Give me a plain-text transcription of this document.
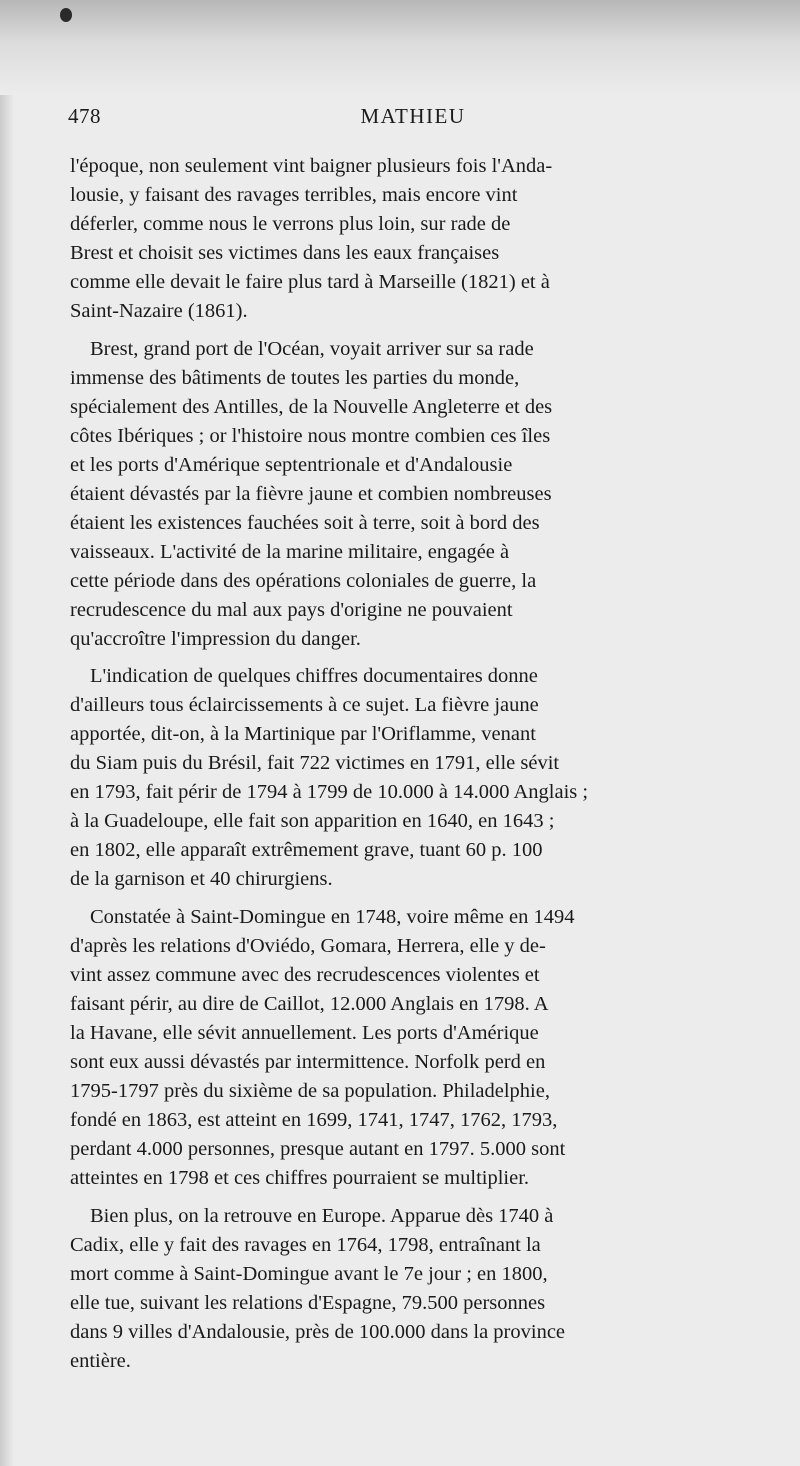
478	MATHIEU

l'époque, non seulement vint baigner plusieurs fois l'Anda-
lousie, y faisant des ravages terribles, mais encore vint
déferler, comme nous le verrons plus loin, sur rade de
Brest et choisit ses victimes dans les eaux françaises
comme elle devait le faire plus tard à Marseille (1821) et à
Saint-Nazaire (1861).

Brest, grand port de l'Océan, voyait arriver sur sa rade
immense des bâtiments de toutes les parties du monde,
spécialement des Antilles, de la Nouvelle Angleterre et des
côtes Ibériques ; or l'histoire nous montre combien ces îles
et les ports d'Amérique septentrionale et d'Andalousie
étaient dévastés par la fièvre jaune et combien nombreuses
étaient les existences fauchées soit à terre, soit à bord des
vaisseaux. L'activité de la marine militaire, engagée à
cette période dans des opérations coloniales de guerre, la
recrudescence du mal aux pays d'origine ne pouvaient
qu'accroître l'impression du danger.

L'indication de quelques chiffres documentaires donne
d'ailleurs tous éclaircissements à ce sujet. La fièvre jaune
apportée, dit-on, à la Martinique par l'Oriflamme, venant
du Siam puis du Brésil, fait 722 victimes en 1791, elle sévit
en 1793, fait périr de 1794 à 1799 de 10.000 à 14.000 Anglais ;
à la Guadeloupe, elle fait son apparition en 1640, en 1643 ;
en 1802, elle apparaît extrêmement grave, tuant 60 p. 100
de la garnison et 40 chirurgiens.

Constatée à Saint-Domingue en 1748, voire même en 1494
d'après les relations d'Oviédo, Gomara, Herrera, elle y de-
vint assez commune avec des recrudescences violentes et
faisant périr, au dire de Caillot, 12.000 Anglais en 1798. A
la Havane, elle sévit annuellement. Les ports d'Amérique
sont eux aussi dévastés par intermittence. Norfolk perd en
1795-1797 près du sixième de sa population. Philadelphie,
fondé en 1863, est atteint en 1699, 1741, 1747, 1762, 1793,
perdant 4.000 personnes, presque autant en 1797. 5.000 sont
atteintes en 1798 et ces chiffres pourraient se multiplier.

Bien plus, on la retrouve en Europe. Apparue dès 1740 à
Cadix, elle y fait des ravages en 1764, 1798, entraînant la
mort comme à Saint-Domingue avant le 7e jour ; en 1800,
elle tue, suivant les relations d'Espagne, 79.500 personnes
dans 9 villes d'Andalousie, près de 100.000 dans la province
entière.
